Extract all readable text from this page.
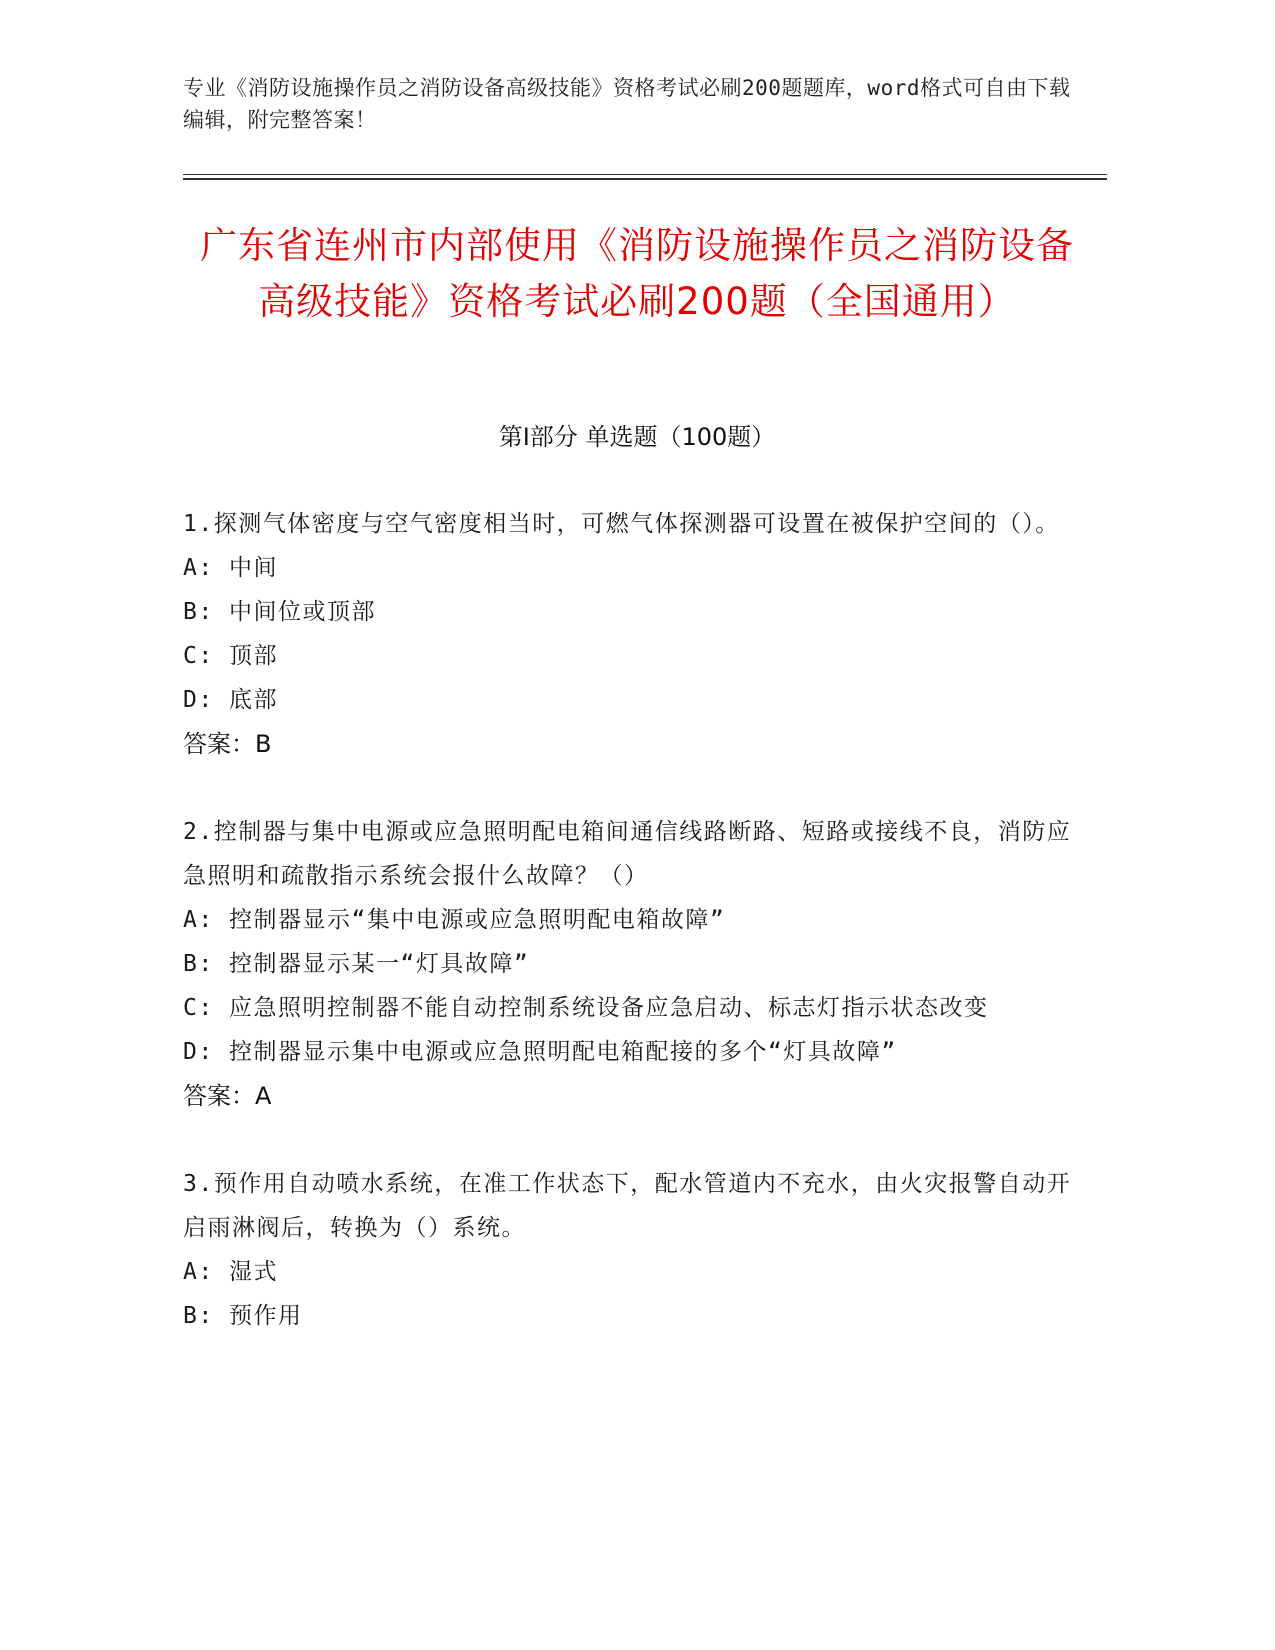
专业《消防设施操作员之消防设备高级技能》资格考试必刷200题题库，word格式可自由下载编辑，附完整答案！
广东省连州市内部使用《消防设施操作员之消防设备高级技能》资格考试必刷200题（全国通用）
第I部分 单选题（100题）

1.探测气体密度与空气密度相当时，可燃气体探测器可设置在被保护空间的（）。

A: 中间

B: 中间位或顶部

C: 顶部

D: 底部

答案：B

2.控制器与集中电源或应急照明配电箱间通信线路断路、短路或接线不良，消防应急照明和疏散指示系统会报什么故障？（）

A: 控制器显示“集中电源或应急照明配电箱故障”

B: 控制器显示某一“灯具故障”

C: 应急照明控制器不能自动控制系统设备应急启动、标志灯指示状态改变

D: 控制器显示集中电源或应急照明配电箱配接的多个“灯具故障”

答案：A

3.预作用自动喷水系统，在准工作状态下，配水管道内不充水，由火灾报警自动开启雨淋阀后，转换为（）系统。

A: 湿式

B: 预作用
